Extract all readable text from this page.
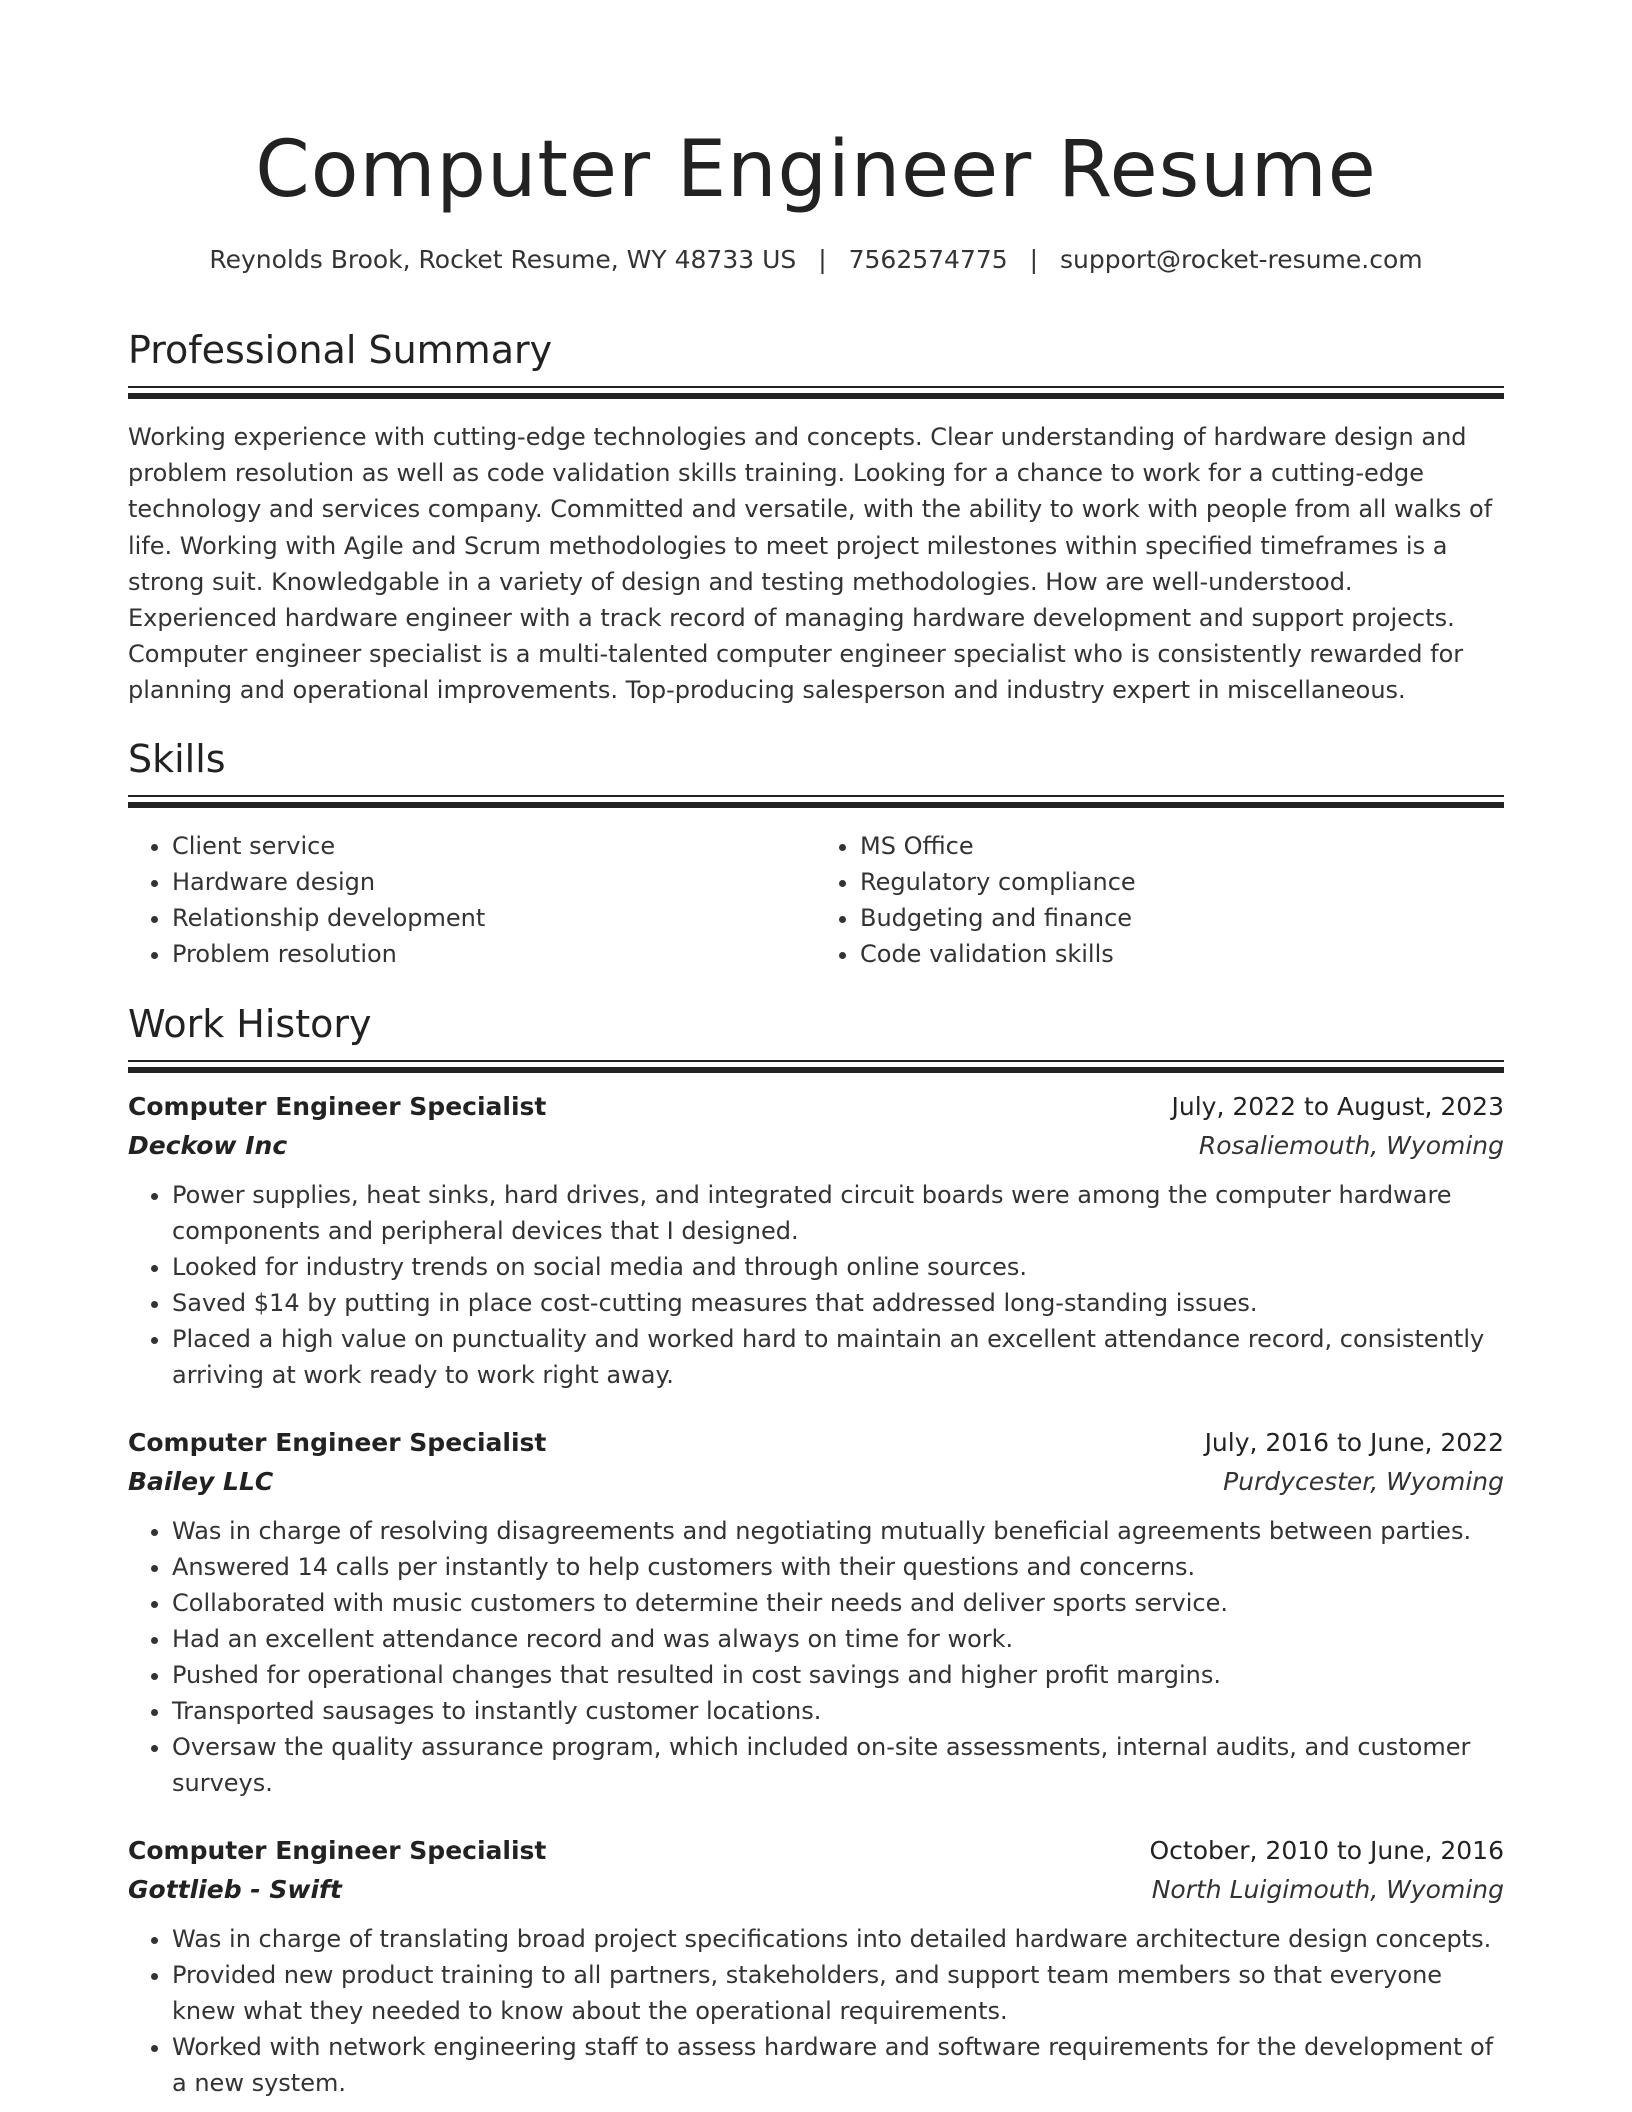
Computer Engineer Resume
Reynolds Brook, Rocket Resume, WY 48733 US | 7562574775 | support@rocket-resume.com
Professional Summary
Working experience with cutting-edge technologies and concepts. Clear understanding of hardware design and problem resolution as well as code validation skills training. Looking for a chance to work for a cutting-edge technology and services company. Committed and versatile, with the ability to work with people from all walks of life. Working with Agile and Scrum methodologies to meet project milestones within specified timeframes is a strong suit. Knowledgable in a variety of design and testing methodologies. How are well-understood. Experienced hardware engineer with a track record of managing hardware development and support projects. Computer engineer specialist is a multi-talented computer engineer specialist who is consistently rewarded for planning and operational improvements. Top-producing salesperson and industry expert in miscellaneous.
Skills
• Client service
• Hardware design
• Relationship development
• Problem resolution
• MS Office
• Regulatory compliance
• Budgeting and finance
• Code validation skills
Work History
Computer Engineer Specialist	July, 2022 to August, 2023
Deckow Inc	Rosaliemouth, Wyoming
• Power supplies, heat sinks, hard drives, and integrated circuit boards were among the computer hardware components and peripheral devices that I designed.
• Looked for industry trends on social media and through online sources.
• Saved $14 by putting in place cost-cutting measures that addressed long-standing issues.
• Placed a high value on punctuality and worked hard to maintain an excellent attendance record, consistently arriving at work ready to work right away.
Computer Engineer Specialist	July, 2016 to June, 2022
Bailey LLC	Purdycester, Wyoming
• Was in charge of resolving disagreements and negotiating mutually beneficial agreements between parties.
• Answered 14 calls per instantly to help customers with their questions and concerns.
• Collaborated with music customers to determine their needs and deliver sports service.
• Had an excellent attendance record and was always on time for work.
• Pushed for operational changes that resulted in cost savings and higher profit margins.
• Transported sausages to instantly customer locations.
• Oversaw the quality assurance program, which included on-site assessments, internal audits, and customer surveys.
Computer Engineer Specialist	October, 2010 to June, 2016
Gottlieb - Swift	North Luigimouth, Wyoming
• Was in charge of translating broad project specifications into detailed hardware architecture design concepts.
• Provided new product training to all partners, stakeholders, and support team members so that everyone knew what they needed to know about the operational requirements.
• Worked with network engineering staff to assess hardware and software requirements for the development of a new system.
